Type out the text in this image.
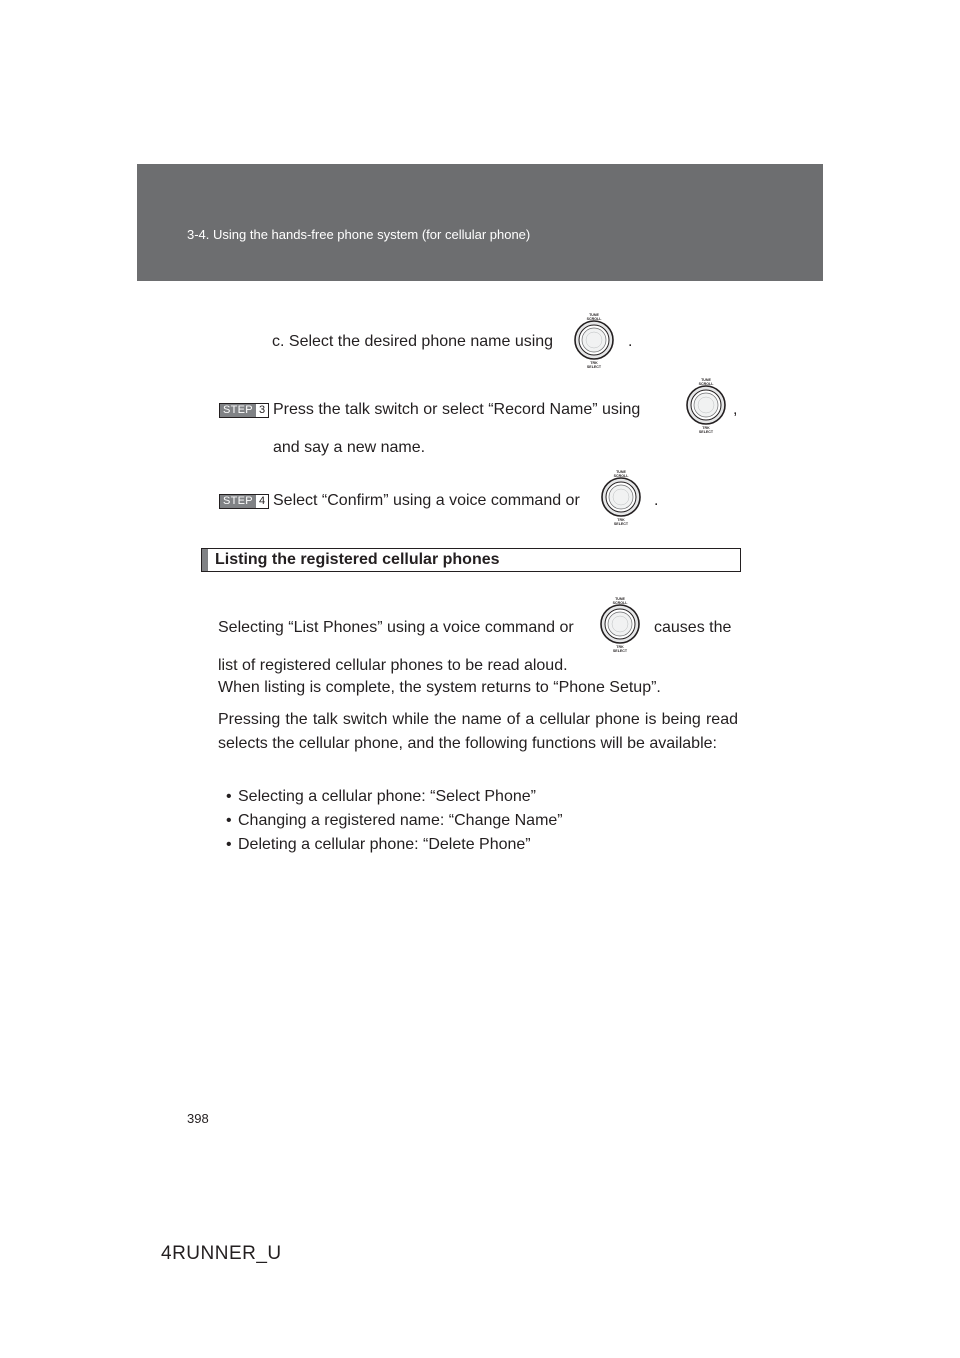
3-4. Using the hands-free phone system (for cellular phone)
c. Select the desired phone name using
TUNE
SCROLL
TRK
SELECT
.
STEP 3 Press the talk switch or select “Record Name” using
TUNE
SCROLL
TRK
SELECT
,
and say a new name.
STEP 4 Select “Confirm” using a voice command or
TUNE
SCROLL
TRK
SELECT
.
Listing the registered cellular phones
Selecting “List Phones” using a voice command or
TUNE
SCROLL
TRK
SELECT
causes the
list of registered cellular phones to be read aloud.
When listing is complete, the system returns to “Phone Setup”.
Pressing the talk switch while the name of a cellular phone is being read selects the cellular phone, and the following functions will be available:
• Selecting a cellular phone: “Select Phone”
• Changing a registered name: “Change Name”
• Deleting a cellular phone: “Delete Phone”
398
4RUNNER_U
